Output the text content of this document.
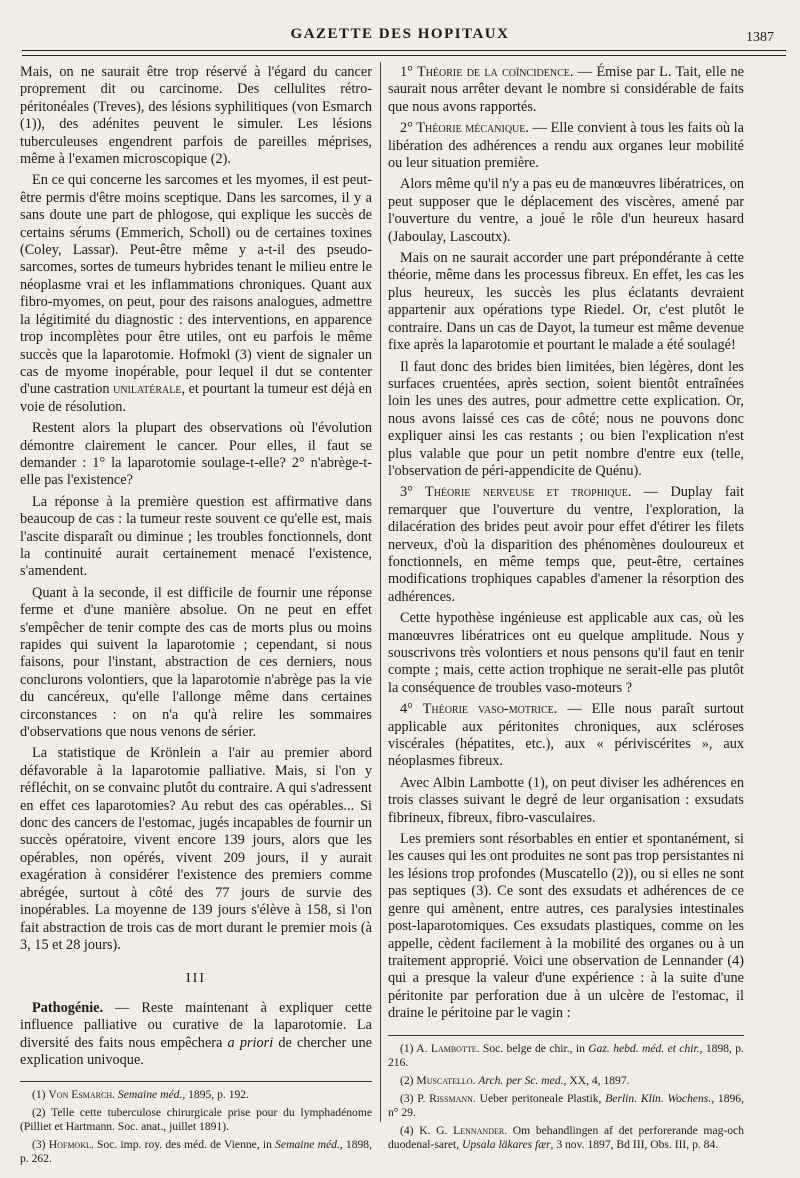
GAZETTE DES HOPITAUX	1387

Mais, on ne saurait être trop réservé à l'égard du cancer proprement dit ou carcinome. Des cellulites rétro-péritonéales (Treves), des lésions syphilitiques (von Esmarch (1)), des adénites peuvent le simuler. Les lésions tuberculeuses engendrent parfois de pareilles méprises, même à l'examen microscopique (2).

En ce qui concerne les sarcomes et les myomes, il est peut-être permis d'être moins sceptique. Dans les sarcomes, il y a sans doute une part de phlogose, qui explique les succès de certains sérums (Emmerich, Scholl) ou de certaines toxines (Coley, Lassar). Peut-être même y a-t-il des pseudo-sarcomes, sortes de tumeurs hybrides tenant le milieu entre le néoplasme vrai et les inflammations chroniques. Quant aux fibro-myomes, on peut, pour des raisons analogues, admettre la légitimité du diagnostic : des interventions, en apparence trop incomplètes pour être utiles, ont eu parfois le même succès que la laparotomie. Hofmokl (3) vient de signaler un cas de myome inopérable, pour lequel il dut se contenter d'une castration unilatérale, et pourtant la tumeur est déjà en voie de résolution.

Restent alors la plupart des observations où l'évolution démontre clairement le cancer. Pour elles, il faut se demander : 1° la laparotomie soulage-t-elle? 2° n'abrège-t-elle pas l'existence?

La réponse à la première question est affirmative dans beaucoup de cas : la tumeur reste souvent ce qu'elle est, mais l'ascite disparaît ou diminue ; les troubles fonctionnels, dont la continuité aurait certainement menacé l'existence, s'amendent.

Quant à la seconde, il est difficile de fournir une réponse ferme et d'une manière absolue. On ne peut en effet s'empêcher de tenir compte des cas de morts plus ou moins rapides qui suivent la laparotomie ; cependant, si nous faisons, pour l'instant, abstraction de ces derniers, nous conclurons volontiers, que la laparotomie n'abrège pas la vie du cancéreux, qu'elle l'allonge même dans certaines circonstances : on n'a qu'à relire les sommaires d'observations que nous venons de sérier.

La statistique de Krönlein a l'air au premier abord défavorable à la laparotomie palliative. Mais, si l'on y réfléchit, on se convainc plutôt du contraire. A qui s'adressent en effet ces laparotomies? Au rebut des cas opérables... Si donc des cancers de l'estomac, jugés incapables de fournir un succès opératoire, vivent encore 139 jours, alors que les opérables, non opérés, vivent 209 jours, il y aurait exagération à considérer l'existence des premiers comme abrégée, surtout à côté des 77 jours de survie des inopérables. La moyenne de 139 jours s'élève à 158, si l'on fait abstraction de trois cas de mort durant le premier mois (à 3, 15 et 28 jours).

III

Pathogénie. — Reste maintenant à expliquer cette influence palliative ou curative de la laparotomie. La diversité des faits nous empêchera a priori de chercher une explication univoque.

(1) Von Esmarch. Semaine méd., 1895, p. 192.

(2) Telle cette tuberculose chirurgicale prise pour du lymphadénome (Pilliet et Hartmann. Soc. anat., juillet 1891).

(3) Hofmokl. Soc. imp. roy. des méd. de Vienne, in Semaine méd., 1898, p. 262.

1° Théorie de la coïncidence. — Émise par L. Tait, elle ne saurait nous arrêter devant le nombre si considérable de faits que nous avons rapportés.

2° Théorie mécanique. — Elle convient à tous les faits où la libération des adhérences a rendu aux organes leur mobilité ou leur situation première.

Alors même qu'il n'y a pas eu de manœuvres libératrices, on peut supposer que le déplacement des viscères, amené par l'ouverture du ventre, a joué le rôle d'un heureux hasard (Jaboulay, Lascoutx).

Mais on ne saurait accorder une part prépondérante à cette théorie, même dans les processus fibreux. En effet, les cas les plus heureux, les succès les plus éclatants devraient appartenir aux opérations type Riedel. Or, c'est plutôt le contraire. Dans un cas de Dayot, la tumeur est même devenue fixe après la laparotomie et pourtant le malade a été soulagé!

Il faut donc des brides bien limitées, bien légères, dont les surfaces cruentées, après section, soient bientôt entraînées loin les unes des autres, pour admettre cette explication. Or, nous avons laissé ces cas de côté; nous ne pouvons donc expliquer ainsi les cas restants ; ou bien l'explication n'est plus valable que pour un petit nombre d'entre eux (telle, l'observation de péri-appendicite de Quénu).

3° Théorie nerveuse et trophique. — Duplay fait remarquer que l'ouverture du ventre, l'exploration, la dilacération des brides peut avoir pour effet d'étirer les filets nerveux, d'où la disparition des phénomènes douloureux et fonctionnels, en même temps que, peut-être, certaines modifications trophiques capables d'amener la résorption des adhérences.

Cette hypothèse ingénieuse est applicable aux cas, où les manœuvres libératrices ont eu quelque amplitude. Nous y souscrivons très volontiers et nous pensons qu'il faut en tenir compte ; mais, cette action trophique ne serait-elle pas plutôt la conséquence de troubles vaso-moteurs ?

4° Théorie vaso-motrice. — Elle nous paraît surtout applicable aux péritonites chroniques, aux scléroses viscérales (hépatites, etc.), aux « périviscérites », aux néoplasmes fibreux.

Avec Albin Lambotte (1), on peut diviser les adhérences en trois classes suivant le degré de leur organisation : exsudats fibrineux, fibreux, fibro-vasculaires.

Les premiers sont résorbables en entier et spontanément, si les causes qui les ont produites ne sont pas trop persistantes ni les lésions trop profondes (Muscatello (2)), ou si elles ne sont pas septiques (3). Ce sont des exsudats et adhérences de ce genre qui amènent, entre autres, ces paralysies intestinales post-laparotomiques. Ces exsudats plastiques, comme on les appelle, cèdent facilement à la mobilité des organes ou à un traitement approprié. Voici une observation de Lennander (4) qui a presque la valeur d'une expérience : à la suite d'une péritonite par perforation due à un ulcère de l'estomac, il draine le péritoine par le vagin :

(1) A. Lambotte. Soc. belge de chir., in Gaz. hebd. méd. et chir., 1898, p. 216.

(2) Muscatello. Arch. per Sc. med., XX, 4, 1897.

(3) P. Rissmann. Ueber peritoneale Plastik, Berlin. Klin. Wochens., 1896, n° 29.

(4) K. G. Lennander. Om behandlingen af det perforerande mag-och duodenal-saret, Upsala läkares fær, 3 nov. 1897, Bd III, Obs. III, p. 84.
